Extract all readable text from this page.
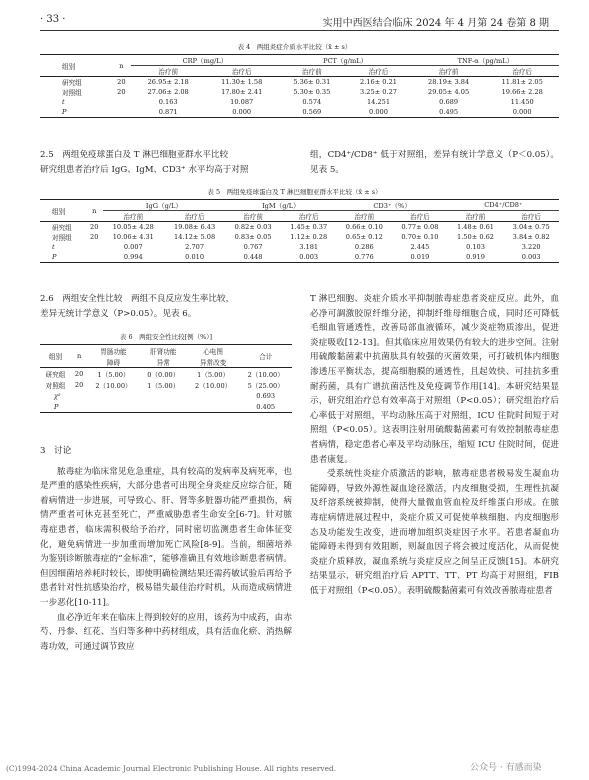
· 33 ·	实用中西医结合临床 2024 年 4 月第 24 卷第 8 期
表 4　两组炎症介质水平比较（x̄ ± s）
组别	n	CRP（mg/L）		PCT（g/mL）		TNF-α（pg/mL）	
		治疗前	治疗后	治疗前	治疗后	治疗前	治疗后
研究组	20	26.95± 2.18	11.30± 1.58	5.36± 0.31	2.16± 0.21	28.19± 3.84	11.81± 2.05
对照组	20	27.06± 2.08	17.80± 2.41	5.30± 0.35	3.25± 0.27	29.05± 4.05	19.66± 2.28
t		0.163	10.087	0.574	14.251	0.689	11.450
P		0.871	0.000	0.569	0.000	0.495	0.000
2.5　两组免疫球蛋白及 T 淋巴细胞亚群水平比较
研究组患者治疗后 IgG、IgM、CD3⁺ 水平均高于对照
组，CD4⁺/CD8⁺ 低于对照组，差异有统计学意义（P＜0.05）。见表 5。
表 5　两组免疫球蛋白及 T 淋巴细胞亚群水平比较（x̄ ± s）
组别	n	IgG（g/L）		IgM（g/L）		CD3⁺（%）		CD4⁺/CD8⁺	
		治疗前	治疗后	治疗前	治疗后	治疗前	治疗后	治疗前	治疗后
研究组	20	10.05± 4.28	19.08± 6.43	0.82± 0.03	1.45± 0.37	0.66± 0.10	0.77± 0.08	1.48± 0.61	3.04± 0.75
对照组	20	10.06± 4.31	14.12± 5.08	0.83± 0.05	1.12± 0.28	0.65± 0.12	0.70± 0.10	1.50± 0.62	3.84± 0.82
t		0.007	2.707	0.767	3.181	0.286	2.445	0.103	3.220
P		0.994	0.010	0.448	0.003	0.776	0.019	0.919	0.003
2.6　两组安全性比较　 两组不良反应发生率比较，
差异无统计学意义（P>0.05）。见表 6。
表 6　两组安全性比较[例（%）]
组别	n	胃肠功能	肝肾功能	心电图	合计
		障碍	异常	异常改变	
研究组	20	1（5.00）	0（0.00）	1（5.00）	2（10.00）
对照组	20	2（10.00）	1（5.00）	2（10.00）	5（25.00）
χ²					0.693
P					0.405
3　讨论

脓毒症为临床常见危急重症，具有较高的发病率及病死率，也是严重的感染性疾病，大部分患者可出现全身炎症反应综合征，随着病情进一步进展，可导致心、肝、肾等多脏器功能严重损伤，病情严重者可休克甚至死亡，严重威胁患者生命安全[6-7]。针对脓毒症患者，临床需积极给予治疗，同时密切监测患者生命体征变化，避免病情进一步加重而增加死亡风险[8-9]。当前，细菌培养为鉴别诊断脓毒症的“金标准”，能够准确且有效地诊断患者病情。但因细菌培养耗时较长，即使明确检测结果还需药敏试验后再给予患者针对性抗感染治疗，极易错失最佳治疗时机，从而造成病情进一步恶化[10-11]。

血必净近年来在临床上得到较好的应用，该药为中成药，由赤芍、丹参、红花、当归等多种中药材组成，具有活血化瘀、消热解毒功效，可通过调节致应

T 淋巴细胞、炎症介质水平抑制脓毒症患者炎症反应。此外，血必净可調激胶原纤维分泌，抑制纤维母细胞合成，同时还可降低毛细血管通透性，改善局部血液循环，减少炎症物质渗出，促进炎症吸收[12-13]。但其临床应用效果仍有较大的进步空间。注射用硫酸黏菌素中抗菌肽具有较强的灭菌效果，可打破机体内细胞渗透压平衡状态，提高细胞膜的通透性，且起效快、可挂抗多重耐药菌，具有广谱抗菌活性及免疫调节作用[14]。本研究结果显示，研究组治疗总有效率高于对照组（P<0.05）；研究组治疗后心率低于对照组，平均动脉压高于对照组，ICU 住院时间短于对照组（P<0.05）。这表明注射用硫酸黏菌素可有效控制脓毒症患者病情，稳定患者心率及平均动脉压，缩短 ICU 住院时间，促进患者康复。

受系统性炎症介质激活的影响，脓毒症患者极易发生凝血功能障碍，导致外源性凝血途径激活，内皮细胞受损，生理性抗凝及纤溶系统被抑制，使得大量微血管血栓及纤维蛋白形成。在脓毒症病情进展过程中，炎症介质又可促使单核细胞、内皮细胞形态及功能发生改变，进而增加组织炎症因子水平。若患者凝血功能障碍未得到有效阻断，则凝血因子将会被过度活化，从而促使炎症介质释放，凝血系统与炎症反应之间呈正反馈[15]。本研究结果显示，研究组治疗后 APTT、TT、PT 均高于对照组，FIB 低于对照组（P<0.05）。表明硫酸黏菌素可有效改善脓毒症患者

(C)1994-2024 China Academic Journal Electronic Publishing House. All rights reserved.	公众号 · 有感而染
